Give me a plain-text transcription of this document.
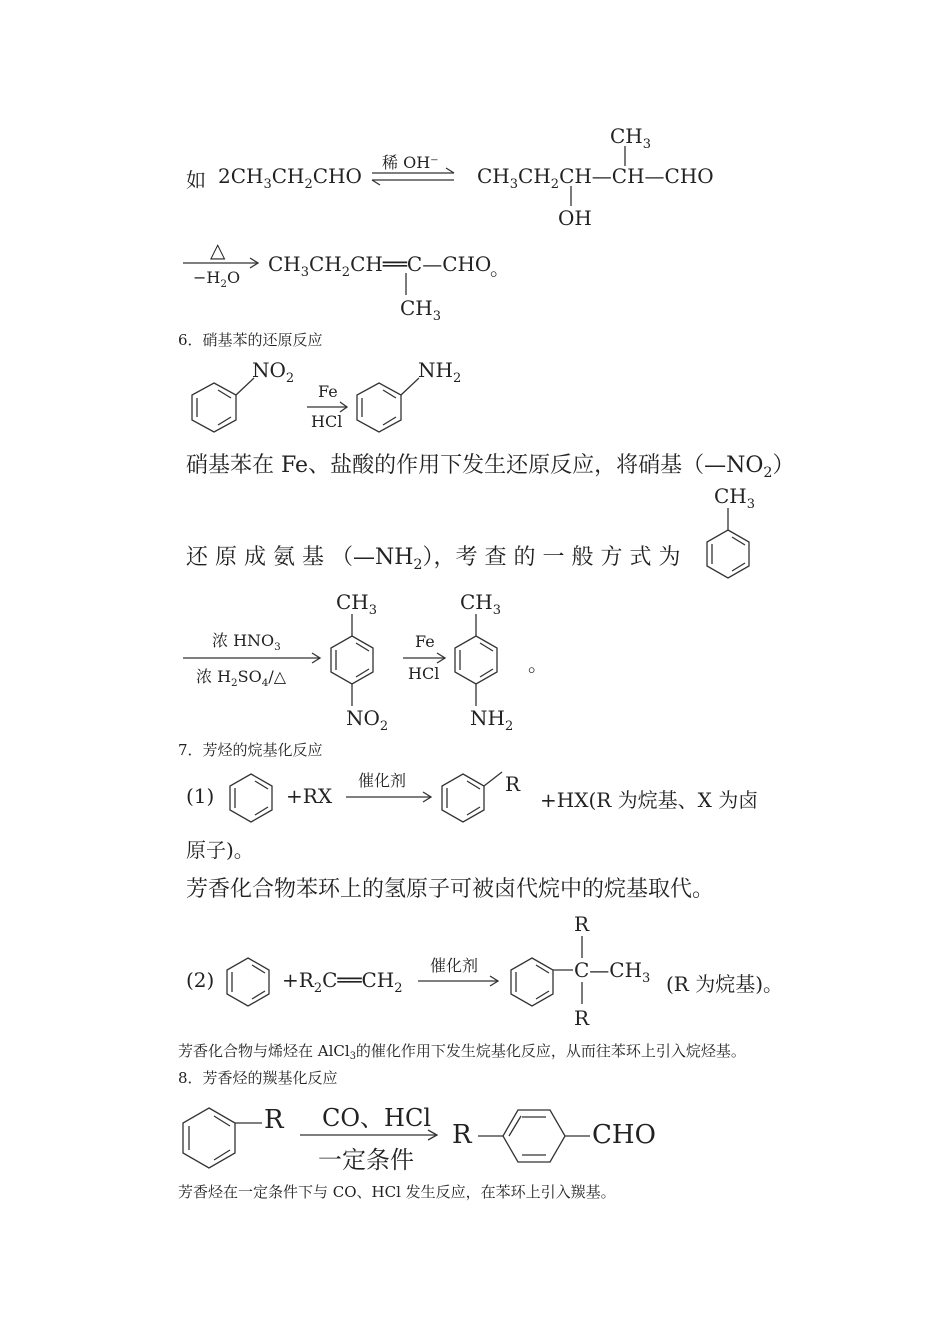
如 $2CH_3CH_2CHO$
稀 OH⁻
$CH_3$
$CH_3CH_2CH—CH—CHO$
OH
△
$-H_2O$
$CH_3CH_2CH══C—CHO$
。
$CH_3$
6．硝基苯的还原反应
$NO_2$
Fe
HCl
$NH_2$
硝基苯在 Fe、盐酸的作用下发生还原反应，将硝基$(—NO_2)$
$CH_3$
还 原 成 氨 基 $(—NH_2)$，考 查 的 一 般 方 式 为
$CH_3$	$CH_3$
浓 $HNO_3$
浓 $H_2SO_4/\triangle$
Fe
HCl	。
$NO_2$	$NH_2$
7．芳烃的烷基化反应
(1)	+RX
催化剂	R
+HX(R 为烷基、X 为卤
原子)。
芳香化合物苯环上的氢原子可被卤代烷中的烷基取代。
R
(2)	$+R_2C══CH_2$
催化剂	$C—CH_3$ (R 为烷基)。
R
芳香化合物与烯烃在 AlCl$_3$的催化作用下发生烷基化反应，从而往苯环上引入烷烃基。
8．芳香烃的羰基化反应
R CO、HCl
一定条件
R	CHO
芳香烃在一定条件下与 CO、HCl 发生反应，在苯环上引入羰基。
